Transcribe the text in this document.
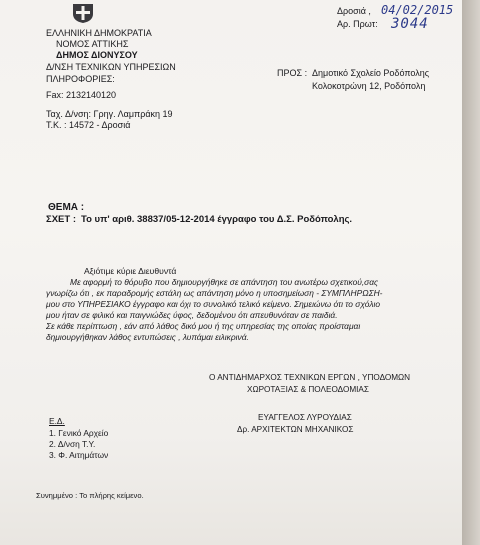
ΕΛΛΗΝΙΚΗ ΔΗΜΟΚΡΑΤΙΑ
ΝΟΜΟΣ ΑΤΤΙΚΗΣ
ΔΗΜΟΣ ΔΙΟΝΥΣΟΥ
Δ/ΝΣΗ ΤΕΧΝΙΚΩΝ ΥΠΗΡΕΣΙΩΝ
ΠΛΗΡΟΦΟΡΙΕΣ:
Fax: 2132140120
Ταχ. Δ/νση: Γρηγ. Λαμπράκη 19
Τ.Κ. : 14572 - Δροσιά
Δροσιά , 04/02/2015
Αρ. Πρωτ: 3044
ΠΡΟΣ : Δημοτικό Σχολείο Ροδόπολης
Κολοκοτρώνη 12, Ροδόπολη
ΘΕΜΑ :
ΣΧΕΤ : Το υπ' αριθ. 38837/05-12-2014 έγγραφο του Δ.Σ. Ροδόπολης.
Αξιότιμε κύριε Διευθυντά
Με αφορμή το θόρυβο που δημιουργήθηκε σε απάντηση του ανωτέρω σχετικού,σας
γνωρίζω ότι , εκ παραδρομής εστάλη ως απάντηση μόνο η υποσημείωση - ΣΥΜΠΛΗΡΩΣΗ-
μου στο ΥΠΗΡΕΣΙΑΚΟ έγγραφο και όχι το συνολικό τελικό κείμενο. Σημειώνω ότι το σχόλιο
μου ήταν σε φιλικό και παιγνιώδες ύφος, δεδομένου ότι απευθυνόταν σε παιδιά.
Σε κάθε περίπτωση , εάν από λάθος δικό μου ή της υπηρεσίας της οποίας προίσταμαι
δημιουργήθηκαν λάθος εντυπώσεις , λυπάμαι ειλικρινά.
Ο ΑΝΤΙΔΗΜΑΡΧΟΣ ΤΕΧΝΙΚΩΝ ΕΡΓΩΝ , ΥΠΟΔΟΜΩΝ
ΧΩΡΟΤΑΞΙΑΣ & ΠΟΛΕΟΔΟΜΙΑΣ
ΕΥΑΓΓΕΛΟΣ ΛΥΡΟΥΔΙΑΣ
Δρ. ΑΡΧΙΤΕΚΤΩΝ ΜΗΧΑΝΙΚΟΣ
Ε.Δ.
1. Γενικό Αρχείο
2. Δ/νση Τ.Υ.
3. Φ. Αιτημάτων
Συνημμένο : Το πλήρης κείμενο.
